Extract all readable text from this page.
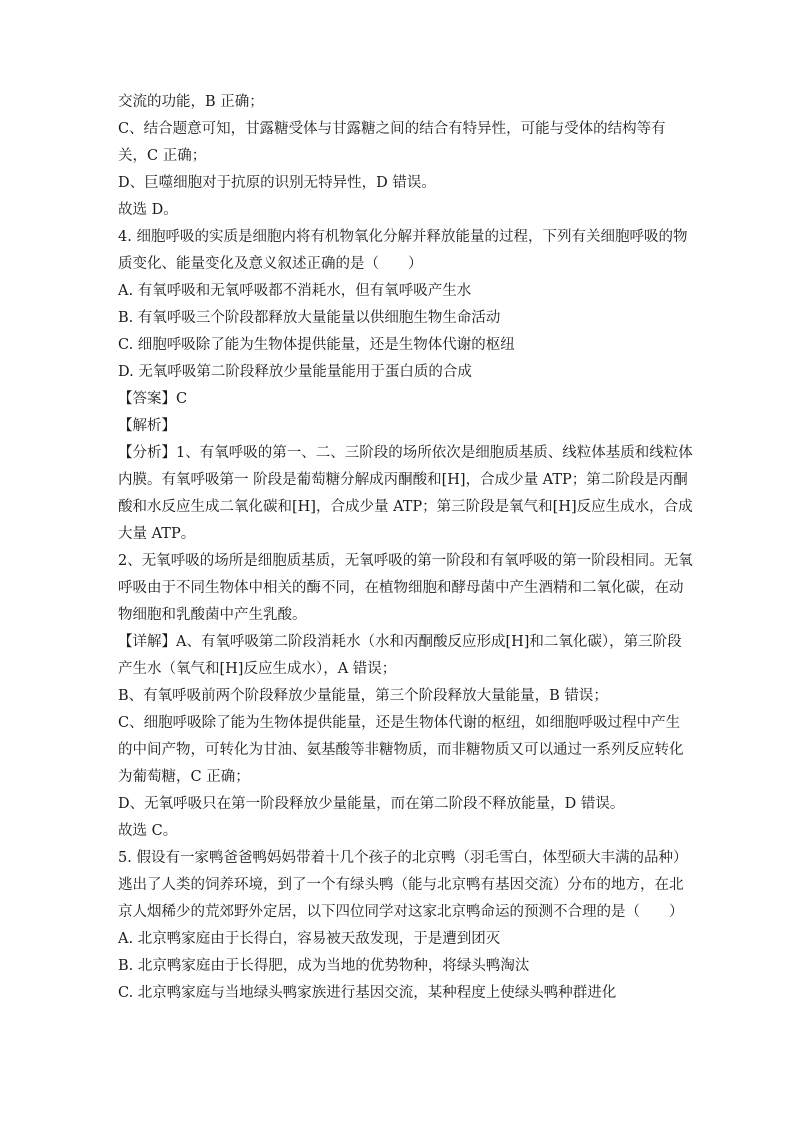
交流的功能，B 正确；
C、结合题意可知，甘露糖受体与甘露糖之间的结合有特异性，可能与受体的结构等有
关，C 正确；
D、巨噬细胞对于抗原的识别无特异性，D 错误。
故选 D。
4. 细胞呼吸的实质是细胞内将有机物氧化分解并释放能量的过程，下列有关细胞呼吸的物
质变化、能量变化及意义叙述正确的是（　　）
A. 有氧呼吸和无氧呼吸都不消耗水，但有氧呼吸产生水
B. 有氧呼吸三个阶段都释放大量能量以供细胞生物生命活动
C. 细胞呼吸除了能为生物体提供能量，还是生物体代谢的枢纽
D. 无氧呼吸第二阶段释放少量能量能用于蛋白质的合成
【答案】C
【解析】
【分析】1、有氧呼吸的第一、二、三阶段的场所依次是细胞质基质、线粒体基质和线粒体
内膜。有氧呼吸第一 阶段是葡萄糖分解成丙酮酸和[H]，合成少量 ATP；第二阶段是丙酮
酸和水反应生成二氧化碳和[H]，合成少量 ATP；第三阶段是氧气和[H]反应生成水，合成
大量 ATP。
2、无氧呼吸的场所是细胞质基质，无氧呼吸的第一阶段和有氧呼吸的第一阶段相同。无氧
呼吸由于不同生物体中相关的酶不同，在植物细胞和酵母菌中产生酒精和二氧化碳，在动
物细胞和乳酸菌中产生乳酸。
【详解】A、有氧呼吸第二阶段消耗水（水和丙酮酸反应形成[H]和二氧化碳），第三阶段
产生水（氧气和[H]反应生成水），A 错误；
B、有氧呼吸前两个阶段释放少量能量，第三个阶段释放大量能量，B 错误；
C、细胞呼吸除了能为生物体提供能量，还是生物体代谢的枢纽，如细胞呼吸过程中产生
的中间产物，可转化为甘油、氨基酸等非糖物质，而非糖物质又可以通过一系列反应转化
为葡萄糖，C 正确；
D、无氧呼吸只在第一阶段释放少量能量，而在第二阶段不释放能量，D 错误。
故选 C。
5. 假设有一家鸭爸爸鸭妈妈带着十几个孩子的北京鸭（羽毛雪白，体型硕大丰满的品种）
逃出了人类的饲养环境，到了一个有绿头鸭（能与北京鸭有基因交流）分布的地方，在北
京人烟稀少的荒郊野外定居，以下四位同学对这家北京鸭命运的预测不合理的是（　　）
A. 北京鸭家庭由于长得白，容易被天敌发现，于是遭到团灭
B. 北京鸭家庭由于长得肥，成为当地的优势物种，将绿头鸭淘汰
C. 北京鸭家庭与当地绿头鸭家族进行基因交流，某种程度上使绿头鸭种群进化
